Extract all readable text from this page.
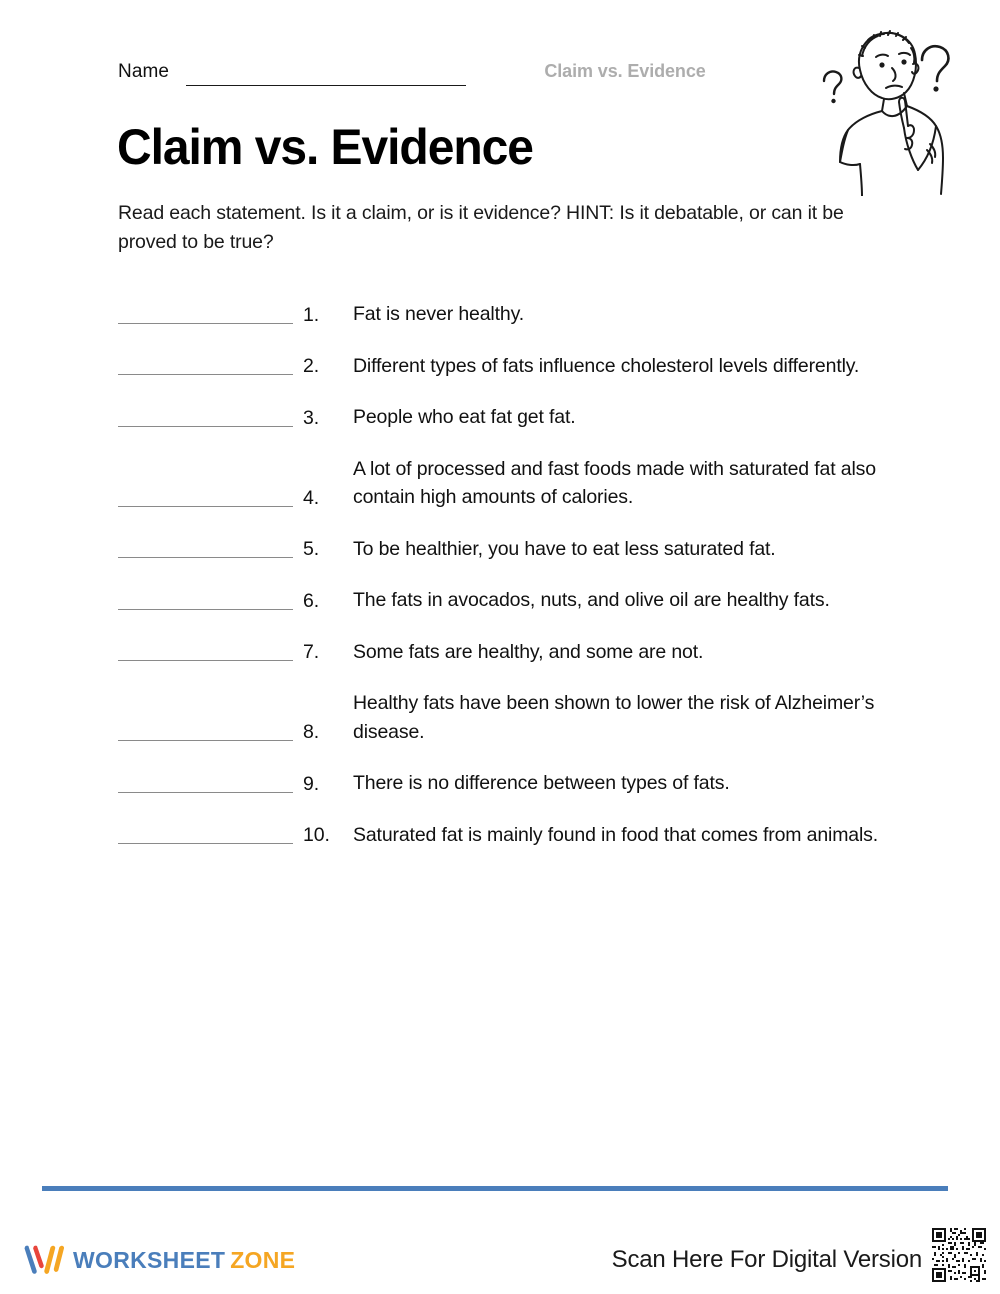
Name	Claim vs. Evidence
Claim vs. Evidence
Read each statement. Is it a claim, or is it evidence? HINT: Is it debatable, or can it be proved to be true?
1.	Fat is never healthy.
2.	Different types of fats influence cholesterol levels differently.
3.	People who eat fat get fat.
4.
A lot of processed and fast foods made with saturated fat also contain high amounts of calories.
5.	To be healthier, you have to eat less saturated fat.
6.	The fats in avocados, nuts, and olive oil are healthy fats.
7.	Some fats are healthy, and some are not.
8.
Healthy fats have been shown to lower the risk of Alzheimer’s disease.
9.	There is no difference between types of fats.
10.	Saturated fat is mainly found in food that comes from animals.
WORKSHEET ZONE	Scan Here For Digital Version
